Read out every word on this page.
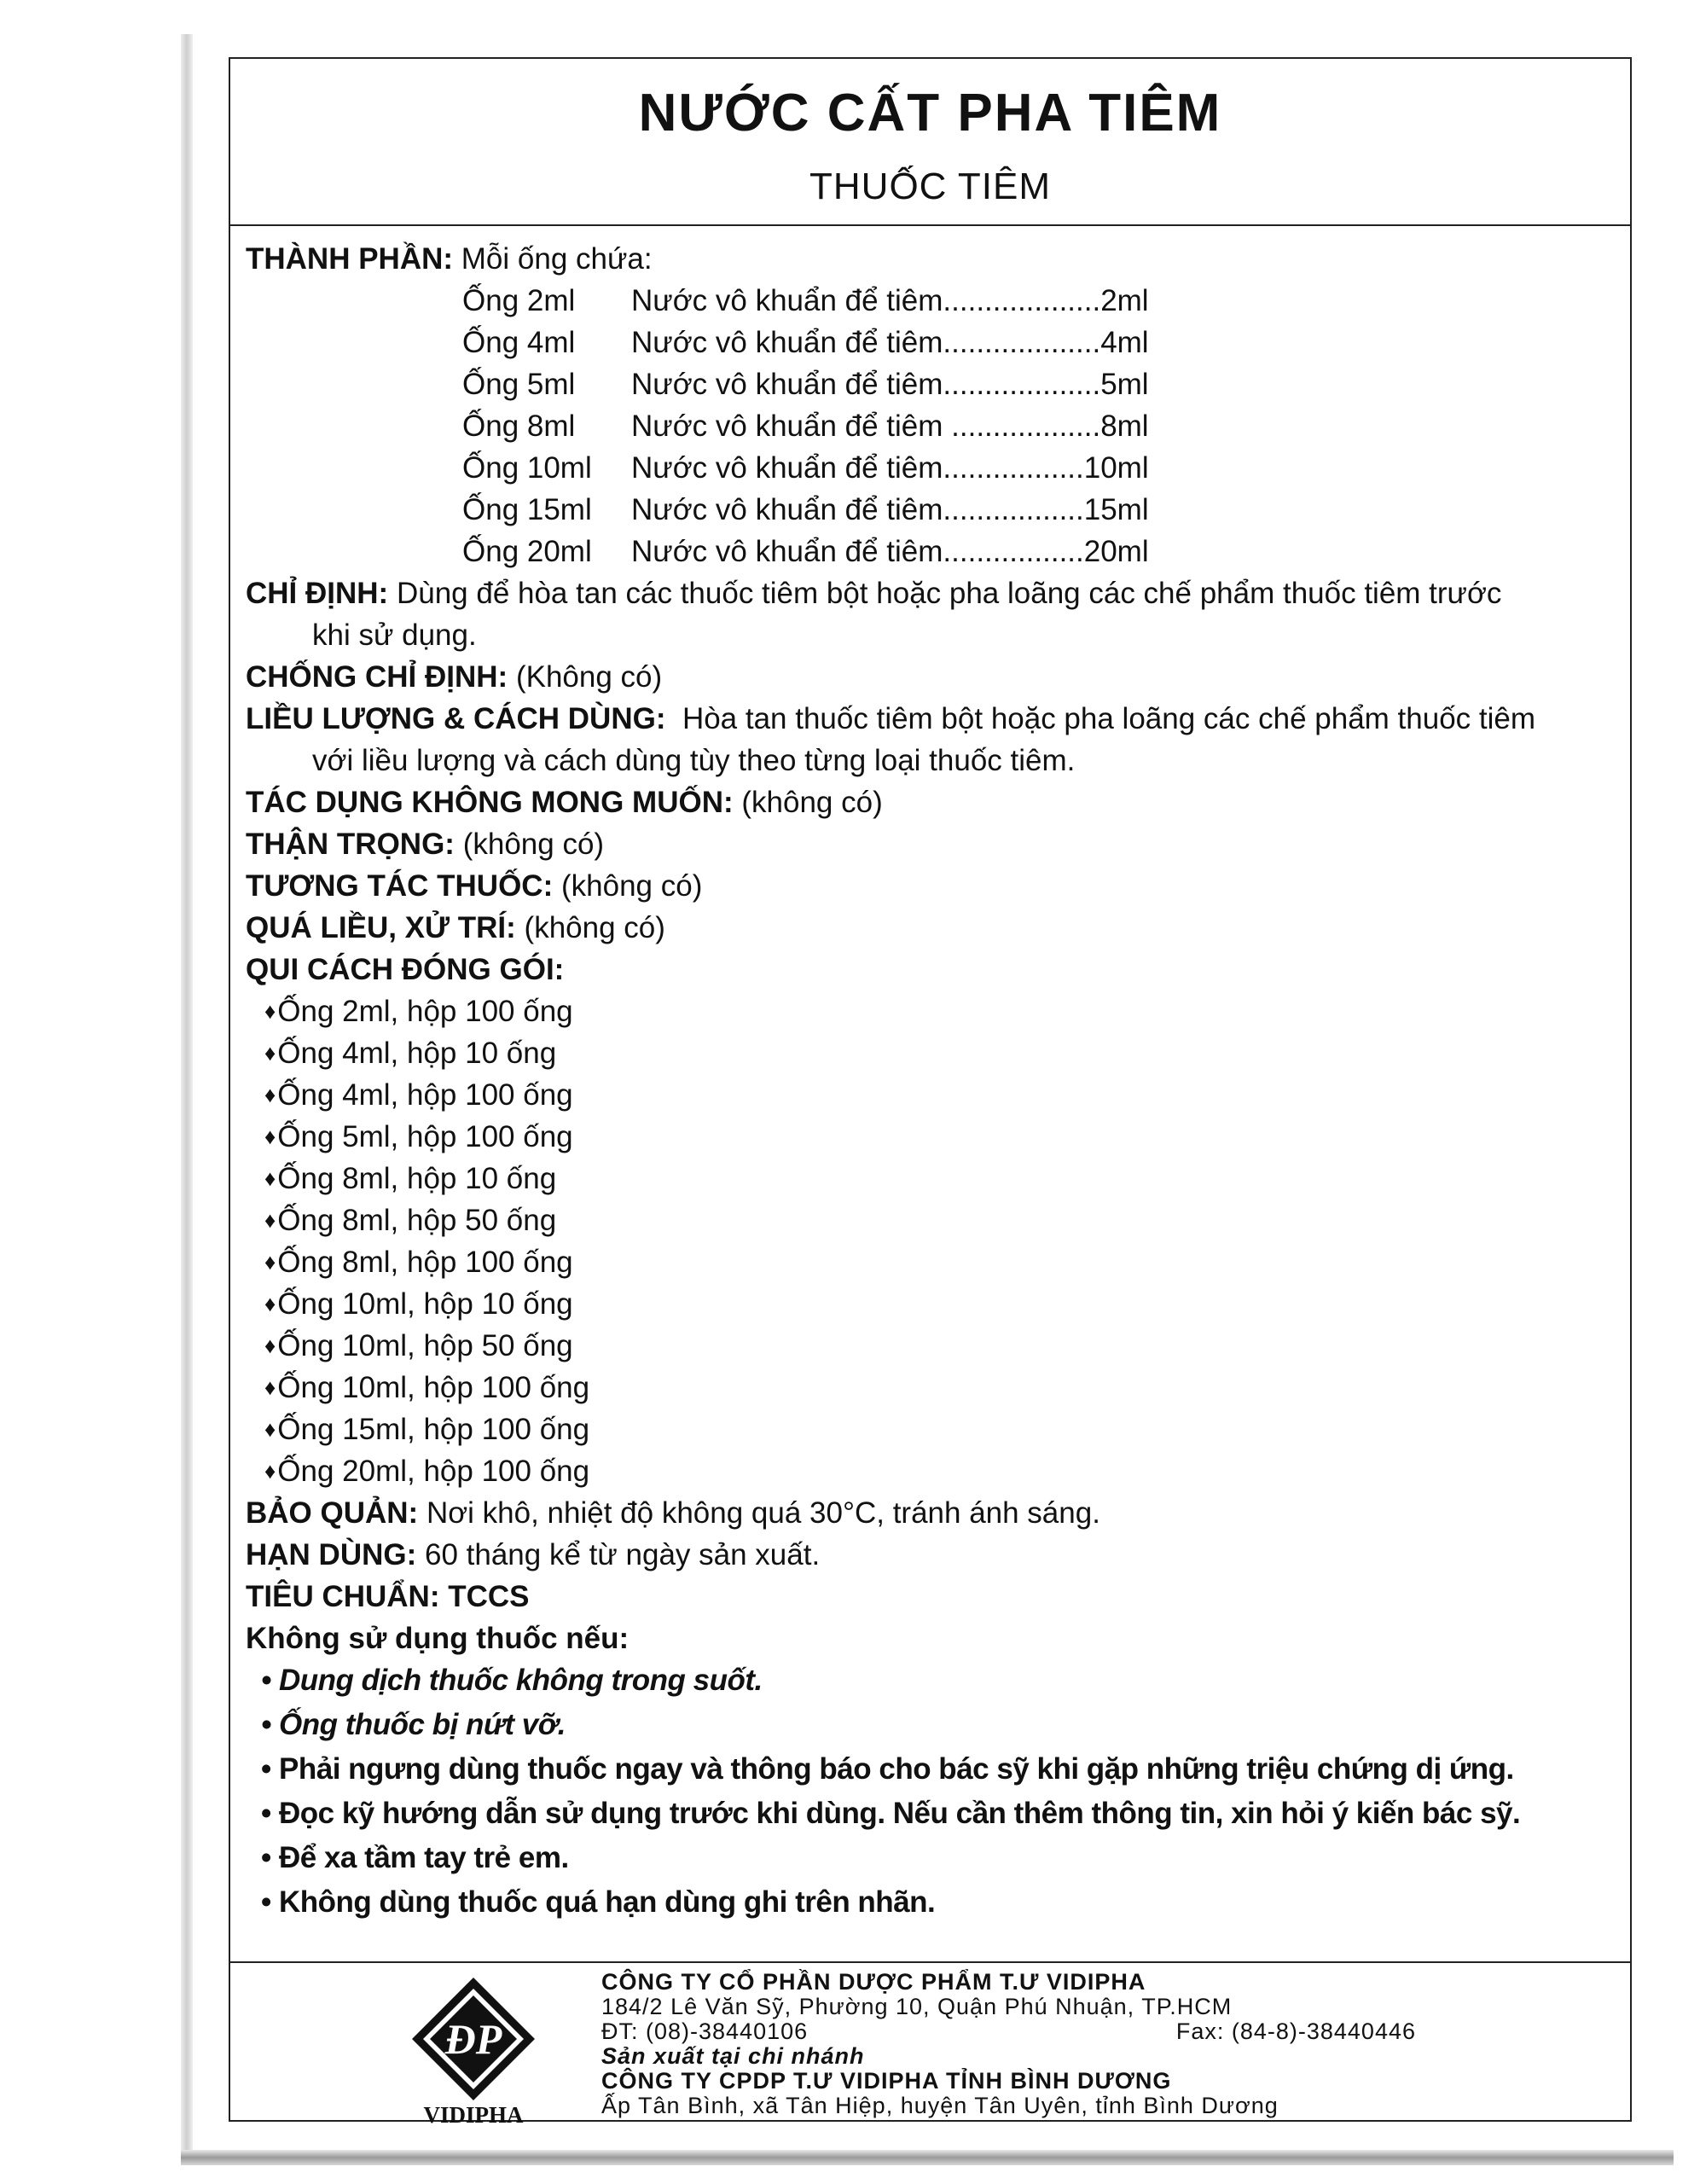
NƯỚC CẤT PHA TIÊM
THUỐC TIÊM
THÀNH PHẦN: Mỗi ống chứa:
Ống 2ml Nước vô khuẩn để tiêm...................2ml
Ống 4ml Nước vô khuẩn để tiêm...................4ml
Ống 5ml Nước vô khuẩn để tiêm...................5ml
Ống 8ml Nước vô khuẩn để tiêm ..................8ml
Ống 10ml Nước vô khuẩn để tiêm.................10ml
Ống 15ml Nước vô khuẩn để tiêm.................15ml
Ống 20ml Nước vô khuẩn để tiêm.................20ml
CHỈ ĐỊNH: Dùng để hòa tan các thuốc tiêm bột hoặc pha loãng các chế phẩm thuốc tiêm trước
khi sử dụng.
CHỐNG CHỈ ĐỊNH: (Không có)
LIỀU LƯỢNG & CÁCH DÙNG: Hòa tan thuốc tiêm bột hoặc pha loãng các chế phẩm thuốc tiêm
với liều lượng và cách dùng tùy theo từng loại thuốc tiêm.
TÁC DỤNG KHÔNG MONG MUỐN: (không có)
THẬN TRỌNG: (không có)
TƯƠNG TÁC THUỐC: (không có)
QUÁ LIỀU, XỬ TRÍ: (không có)
QUI CÁCH ĐÓNG GÓI:
♦Ống 2ml, hộp 100 ống
♦Ống 4ml, hộp 10 ống
♦Ống 4ml, hộp 100 ống
♦Ống 5ml, hộp 100 ống
♦Ống 8ml, hộp 10 ống
♦Ống 8ml, hộp 50 ống
♦Ống 8ml, hộp 100 ống
♦Ống 10ml, hộp 10 ống
♦Ống 10ml, hộp 50 ống
♦Ống 10ml, hộp 100 ống
♦Ống 15ml, hộp 100 ống
♦Ống 20ml, hộp 100 ống
BẢO QUẢN: Nơi khô, nhiệt độ không quá 30°C, tránh ánh sáng.
HẠN DÙNG: 60 tháng kể từ ngày sản xuất.
TIÊU CHUẨN: TCCS
Không sử dụng thuốc nếu:
• Dung dịch thuốc không trong suốt.
• Ống thuốc bị nứt vỡ.
• Phải ngưng dùng thuốc ngay và thông báo cho bác sỹ khi gặp những triệu chứng dị ứng.
• Đọc kỹ hướng dẫn sử dụng trước khi dùng. Nếu cần thêm thông tin, xin hỏi ý kiến bác sỹ.
• Để xa tầm tay trẻ em.
• Không dùng thuốc quá hạn dùng ghi trên nhãn.
ĐP
VIDIPHA
CÔNG TY CỔ PHẦN DƯỢC PHẨM T.Ư VIDIPHA
184/2 Lê Văn Sỹ, Phường 10, Quận Phú Nhuận, TP.HCM
ĐT: (08)-38440106	Fax: (84-8)-38440446
Sản xuất tại chi nhánh
CÔNG TY CPDP T.Ư VIDIPHA TỈNH BÌNH DƯƠNG
Ấp Tân Bình, xã Tân Hiệp, huyện Tân Uyên, tỉnh Bình Dương
